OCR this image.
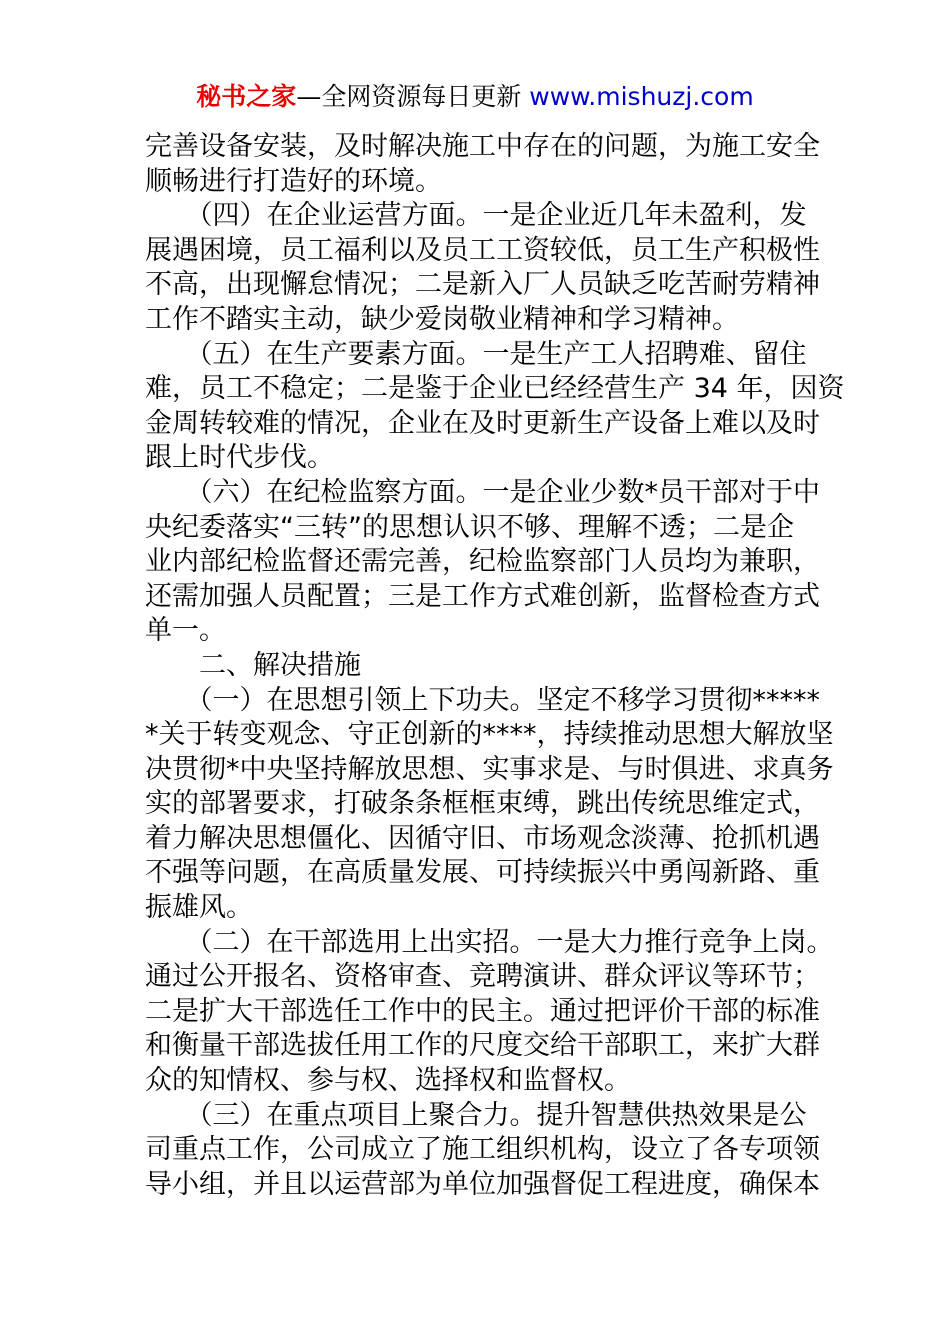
秘书之家—全网资源每日更新 www.mishuzj.com
完善设备安装，及时解决施工中存在的问题，为施工安全
顺畅进行打造好的环境。
　　（四）在企业运营方面。一是企业近几年未盈利，发
展遇困境，员工福利以及员工工资较低，员工生产积极性
不高，出现懈怠情况；二是新入厂人员缺乏吃苦耐劳精神
工作不踏实主动，缺少爱岗敬业精神和学习精神。
　　（五）在生产要素方面。一是生产工人招聘难、留住
难，员工不稳定；二是鉴于企业已经经营生产 34 年，因资
金周转较难的情况，企业在及时更新生产设备上难以及时
跟上时代步伐。
　　（六）在纪检监察方面。一是企业少数*员干部对于中
央纪委落实“三转”的思想认识不够、理解不透；二是企
业内部纪检监督还需完善，纪检监察部门人员均为兼职，
还需加强人员配置；三是工作方式难创新，监督检查方式
单一。
　　二、解决措施
　　（一）在思想引领上下功夫。坚定不移学习贯彻*****
*关于转变观念、守正创新的****，持续推动思想大解放坚
决贯彻*中央坚持解放思想、实事求是、与时俱进、求真务
实的部署要求，打破条条框框束缚，跳出传统思维定式，
着力解决思想僵化、因循守旧、市场观念淡薄、抢抓机遇
不强等问题，在高质量发展、可持续振兴中勇闯新路、重
振雄风。
　　（二）在干部选用上出实招。一是大力推行竞争上岗。
通过公开报名、资格审查、竞聘演讲、群众评议等环节；
二是扩大干部选任工作中的民主。通过把评价干部的标准
和衡量干部选拔任用工作的尺度交给干部职工，来扩大群
众的知情权、参与权、选择权和监督权。
　　（三）在重点项目上聚合力。提升智慧供热效果是公
司重点工作，公司成立了施工组织机构，设立了各专项领
导小组，并且以运营部为单位加强督促工程进度，确保本
